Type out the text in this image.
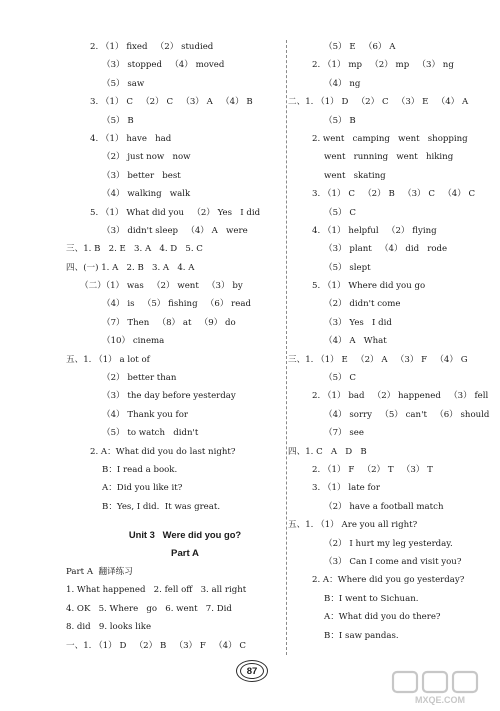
2. （1） fixed   （2） studied
（3） stopped   （4） moved
（5） saw
3. （1） C   （2） C   （3） A   （4） B
（5） B
4. （1） have   had
（2） just now   now
（3） better   best
（4） walking   walk
5. （1） What did you   （2） Yes   I did
（3） didn't sleep   （4） A   were
三、1. B   2. E   3. A   4. D   5. C
四、(一) 1. A   2. B   3. A   4. A
（二）（1） was   （2） went   （3） by
（4） is   （5） fishing   （6） read
（7） Then   （8） at   （9） do
（10） cinema
五、1. （1） a lot of
（2） better than
（3） the day before yesterday
（4） Thank you for
（5） to watch   didn't
2. A：What did you do last night?
B：I read a book.
A：Did you like it?
B：Yes, I did.  It was great.
Unit 3   Were did you go?
Part A
Part A  翻译练习
1. What happened   2. fell off   3. all right
4. OK   5. Where   go   6. went   7. Did
8. did   9. looks like
一、1. （1） D   （2） B   （3） F   （4） C
（5） E   （6） A
2. （1） mp   （2） mp   （3） ng
（4） ng
二、1. （1） D   （2） C   （3） E   （4） A
（5） B
2. went   camping   went   shopping
went   running   went   hiking
went   skating
3. （1） C   （2） B   （3） C   （4） C
（5） C
4. （1） helpful   （2） flying
（3） plant   （4） did   rode
（5） slept
5. （1） Where did you go
（2） didn't come
（3） Yes   I did
（4） A   What
三、1. （1） E   （2） A   （3） F   （4） G
（5） C
2. （1） bad   （2） happened   （3） fell
（4） sorry   （5） can't   （6） should
（7） see
四、1. C   A   D   B
2. （1） F   （2） T   （3） T
3. （1） late for
（2） have a football match
五、1. （1） Are you all right?
（2） I hurt my leg yesterday.
（3） Can I come and visit you?
2. A：Where did you go yesterday?
B：I went to Sichuan.
A：What did you do there?
B：I saw pandas.
87
MXQE.COM
